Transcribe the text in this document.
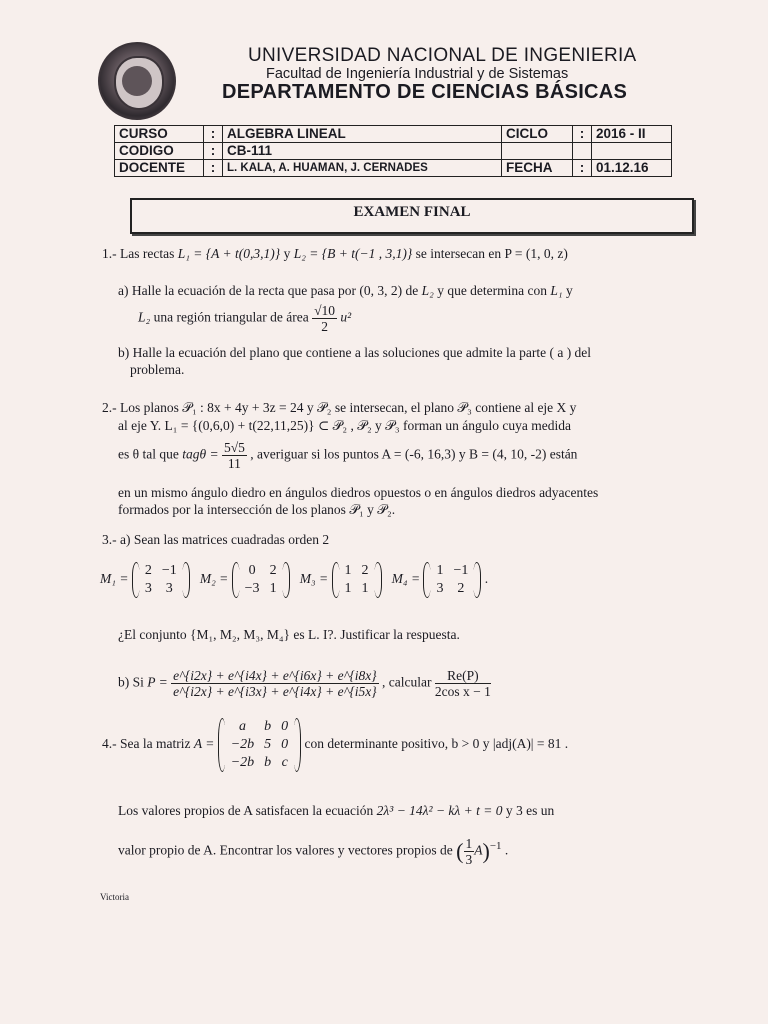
UNIVERSIDAD NACIONAL DE INGENIERIA
Facultad de Ingeniería Industrial y de Sistemas
DEPARTAMENTO DE CIENCIAS BÁSICAS
CURSO	:	ALGEBRA LINEAL	CICLO	:	2016 - II
CODIGO	:	CB-111			
DOCENTE	:	L. KALA, A. HUAMAN, J. CERNADES	FECHA	:	01.12.16
EXAMEN FINAL
1.- Las rectas L₁ = {A + t(0,3,1)} y L₂ = {B + t(−1 , 3,1)} se intersecan en P = (1, 0, z)
a) Halle la ecuación de la recta que pasa por (0, 3, 2) de L₂ y que determina con L₁ y
L₂ una región triangular de área $\frac{√10}{2} u^2$
b) Halle la ecuación del plano que contiene a las soluciones que admite la parte ( a ) del
problema.
2.- Los planos 𝒫₁ : 8x + 4y + 3z = 24 y 𝒫₂ se intersecan, el plano 𝒫₃ contiene al eje X y
al eje Y. L₁ = {(0,6,0) + t(22,11,25)} ⊂ 𝒫₂ , 𝒫₂ y 𝒫₃ forman un ángulo cuya medida
es θ tal que $tag\theta = \frac{5√5}{11}$ , averiguar si los puntos A = (-6, 16,3) y B = (4, 10, -2) están
en un mismo ángulo diedro en ángulos diedros opuestos o en ángulos diedros adyacentes
formados por la intersección de los planos 𝒫₁ y 𝒫₂.
3.- a) Sean las matrices cuadradas orden 2
M₁ =
2	−1
3	3
M₂ =
0	2
−3	1
M₃ =
1	2
1	1
M₄ =
1	−1
3	2
.
¿El conjunto {M₁, M₂, M₃, M₄} es L. I?. Justificar la respuesta.
b) Si $P = \frac{e\^{}\{i2x\} + e\^{}\{i4x\} + e\^{}\{i6x\} + e\^{}\{i8x\}}{e\^{}\{i2x\} + e\^{}\{i3x\} + e\^{}\{i4x\} + e\^{}\{i5x\}}$ , calcular $\frac{Re(P)}{\text{2cos x − 1}}$
4.- Sea la matriz A =
a	b	0
−2b	5	0
−2b	b	c
con determinante positivo, b > 0 y |adj(A)| = 81 .
Los valores propios de A satisfacen la ecuación 2λ³ − 14λ² − kλ + t = 0 y 3 es un
valor propio de A. Encontrar los valores y vectores propios de ( $\frac{1}{3} A)^{-1}$ .
Victoria
